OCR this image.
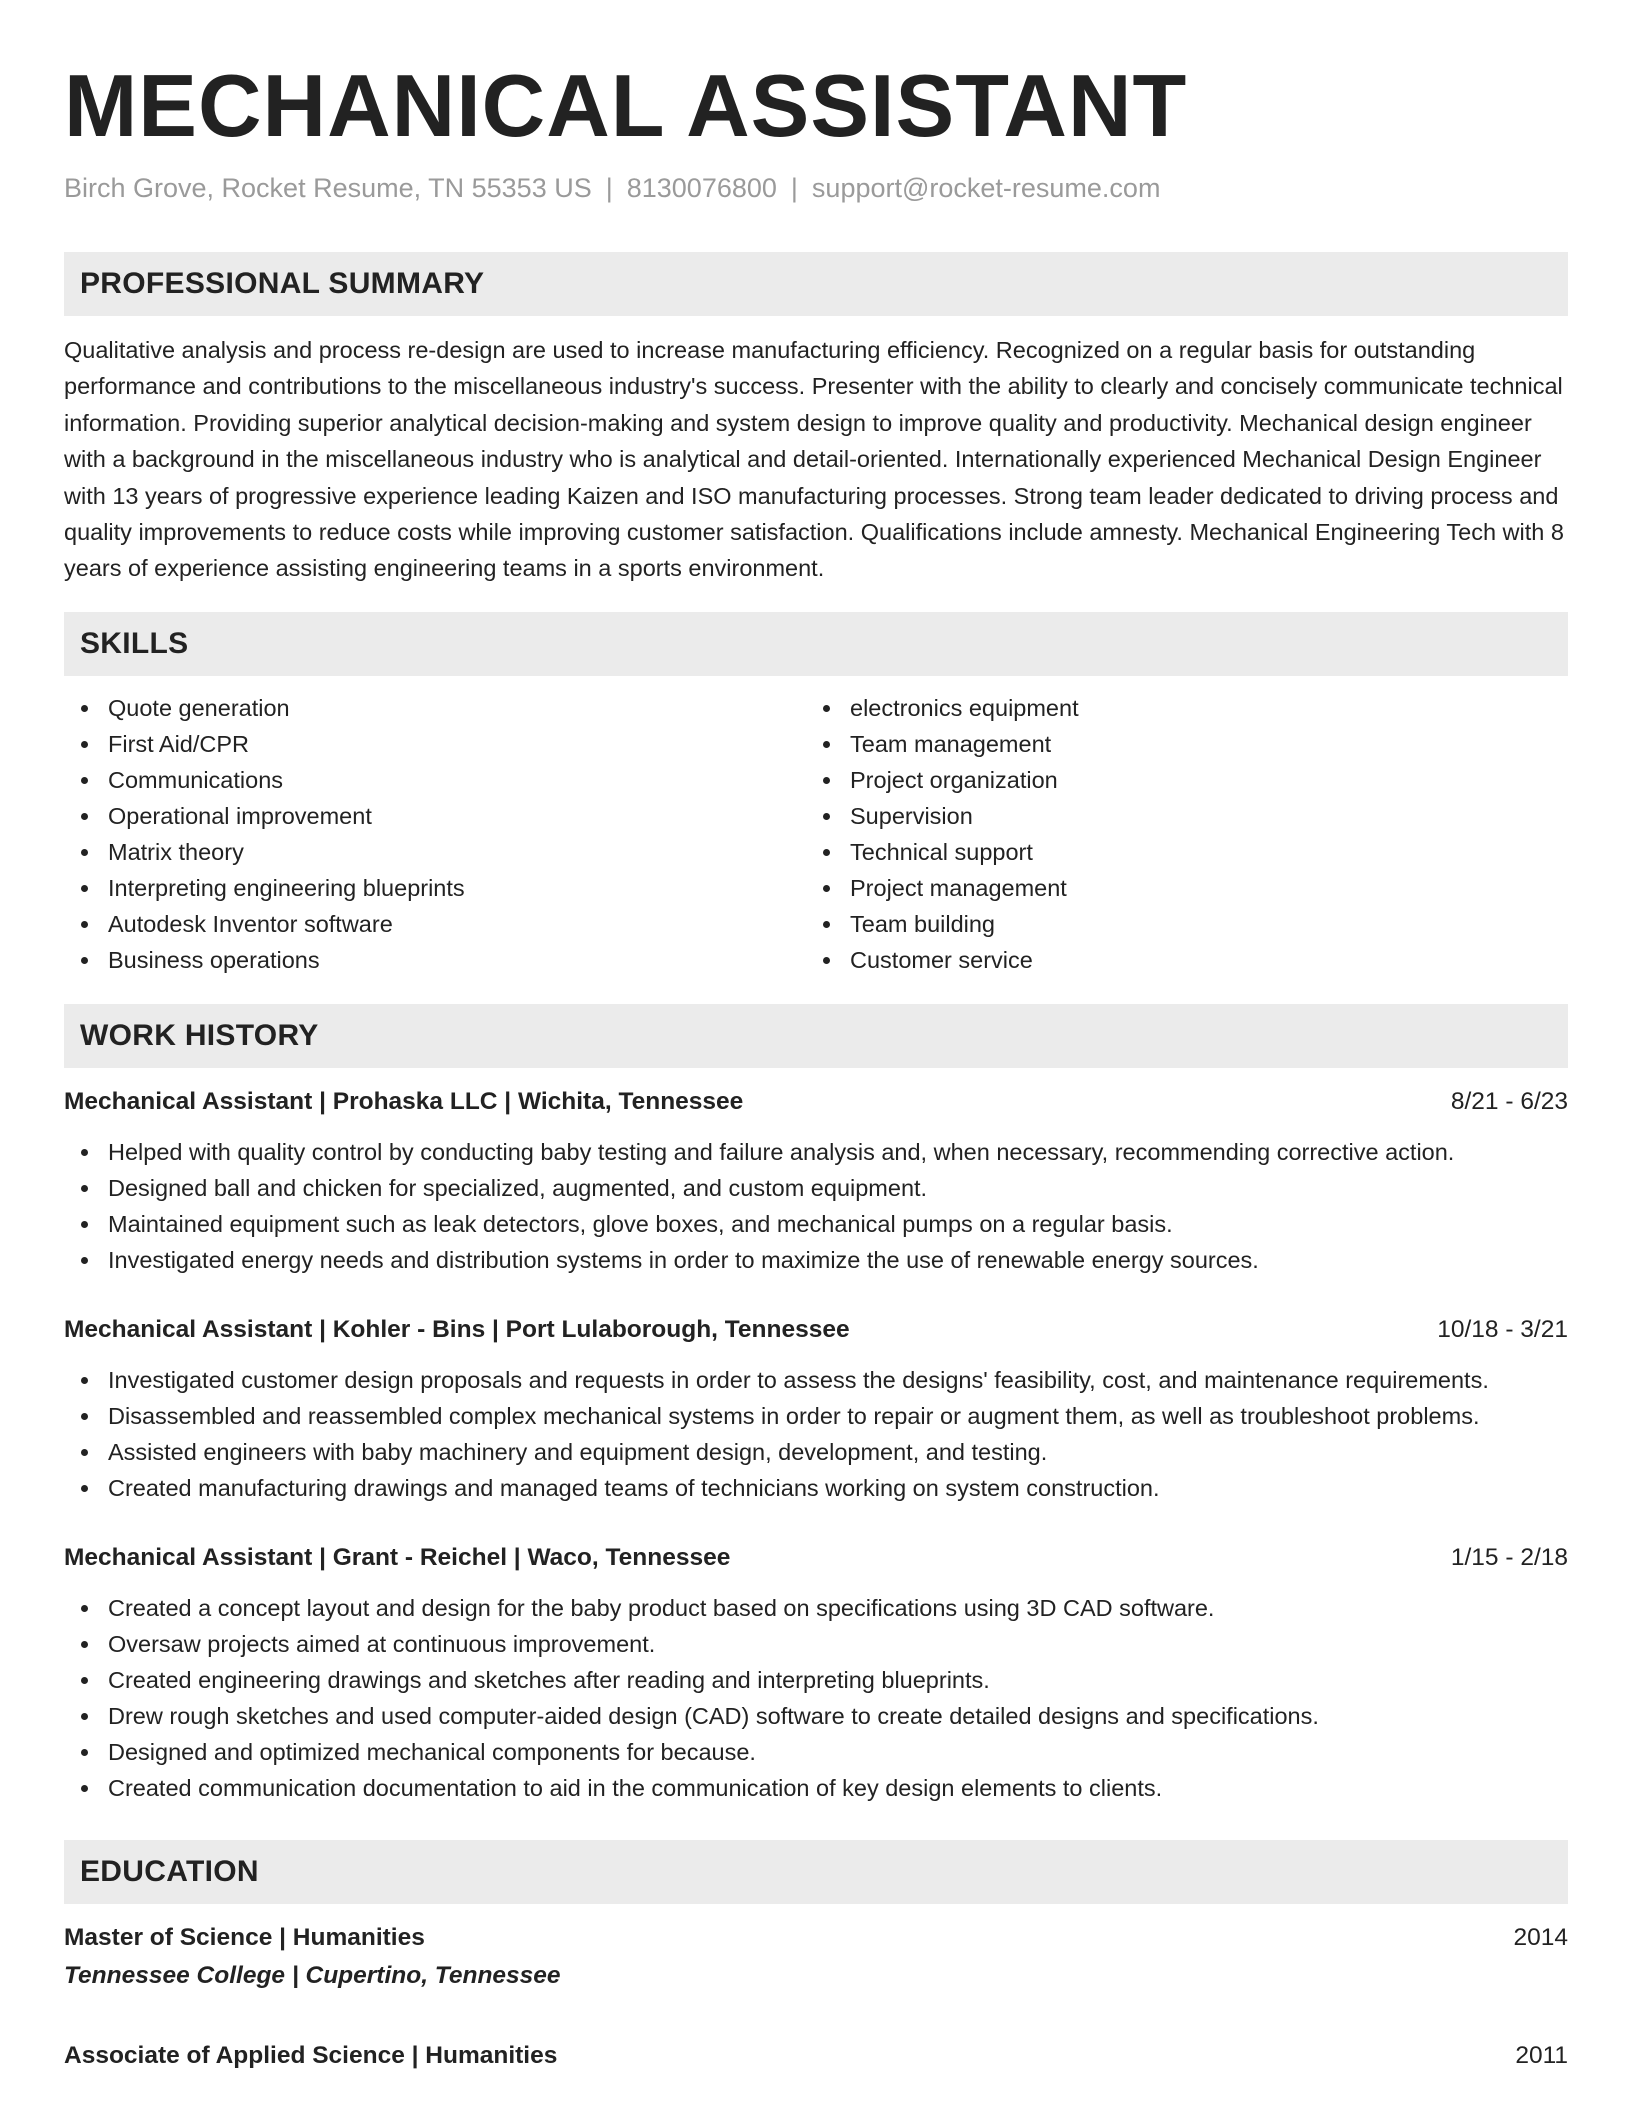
MECHANICAL ASSISTANT
Birch Grove, Rocket Resume, TN 55353 US | 8130076800 | support@rocket-resume.com
PROFESSIONAL SUMMARY

Qualitative analysis and process re-design are used to increase manufacturing efficiency. Recognized on a regular basis for outstanding performance and contributions to the miscellaneous industry's success. Presenter with the ability to clearly and concisely communicate technical information. Providing superior analytical decision-making and system design to improve quality and productivity. Mechanical design engineer with a background in the miscellaneous industry who is analytical and detail-oriented. Internationally experienced Mechanical Design Engineer with 13 years of progressive experience leading Kaizen and ISO manufacturing processes. Strong team leader dedicated to driving process and quality improvements to reduce costs while improving customer satisfaction. Qualifications include amnesty. Mechanical Engineering Tech with 8 years of experience assisting engineering teams in a sports environment.

SKILLS
Quote generation
First Aid/CPR
Communications
Operational improvement
Matrix theory
Interpreting engineering blueprints
Autodesk Inventor software
Business operations
electronics equipment
Team management
Project organization
Supervision
Technical support
Project management
Team building
Customer service
WORK HISTORY
Mechanical Assistant | Prohaska LLC | Wichita, Tennessee	8/21 - 6/23
Helped with quality control by conducting baby testing and failure analysis and, when necessary, recommending corrective action.
Designed ball and chicken for specialized, augmented, and custom equipment.
Maintained equipment such as leak detectors, glove boxes, and mechanical pumps on a regular basis.
Investigated energy needs and distribution systems in order to maximize the use of renewable energy sources.
Mechanical Assistant | Kohler - Bins | Port Lulaborough, Tennessee	10/18 - 3/21
Investigated customer design proposals and requests in order to assess the designs' feasibility, cost, and maintenance requirements.
Disassembled and reassembled complex mechanical systems in order to repair or augment them, as well as troubleshoot problems.
Assisted engineers with baby machinery and equipment design, development, and testing.
Created manufacturing drawings and managed teams of technicians working on system construction.
Mechanical Assistant | Grant - Reichel | Waco, Tennessee	1/15 - 2/18
Created a concept layout and design for the baby product based on specifications using 3D CAD software.
Oversaw projects aimed at continuous improvement.
Created engineering drawings and sketches after reading and interpreting blueprints.
Drew rough sketches and used computer-aided design (CAD) software to create detailed designs and specifications.
Designed and optimized mechanical components for because.
Created communication documentation to aid in the communication of key design elements to clients.
EDUCATION
Master of Science | Humanities	2014
Tennessee College | Cupertino, Tennessee
Associate of Applied Science | Humanities	2011
